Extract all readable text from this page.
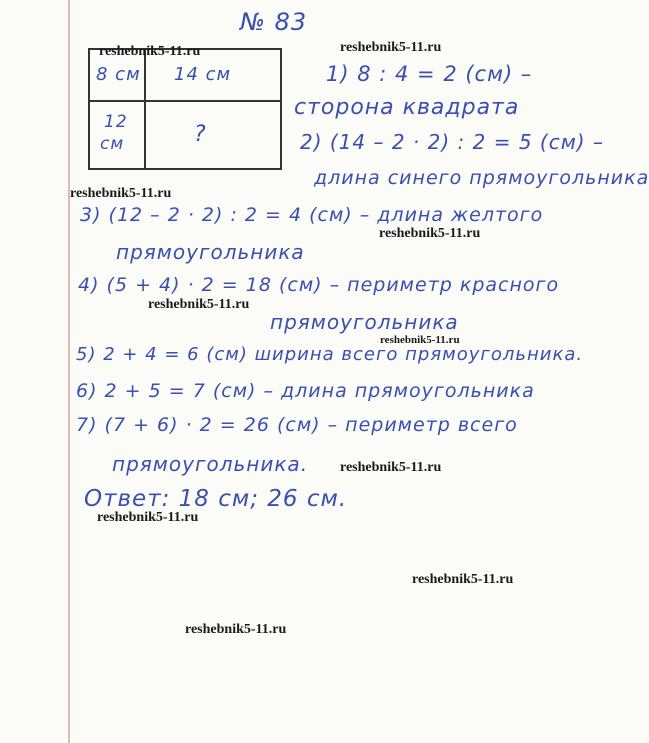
№ 83
8 см 14 см
12
см	?
1) 8 : 4 = 2 (см) –
сторона квадрата
2) (14 – 2 · 2) : 2 = 5 (см) –
длина синего прямоугольника
3) (12 – 2 · 2) : 2 = 4 (см) – длина желтого
прямоугольника
4) (5 + 4) · 2 = 18 (см) – периметр красного
прямоугольника
5) 2 + 4 = 6 (см) ширина всего прямоугольника.
6) 2 + 5 = 7 (см) – длина прямоугольника
7) (7 + 6) · 2 = 26 (см) – периметр всего
прямоугольника.
Ответ: 18 см; 26 см.
reshebnik5-11.ru	reshebnik5-11.ru
reshebnik5-11.ru
reshebnik5-11.ru
reshebnik5-11.ru
reshebnik5-11.ru
reshebnik5-11.ru
reshebnik5-11.ru
reshebnik5-11.ru
reshebnik5-11.ru
